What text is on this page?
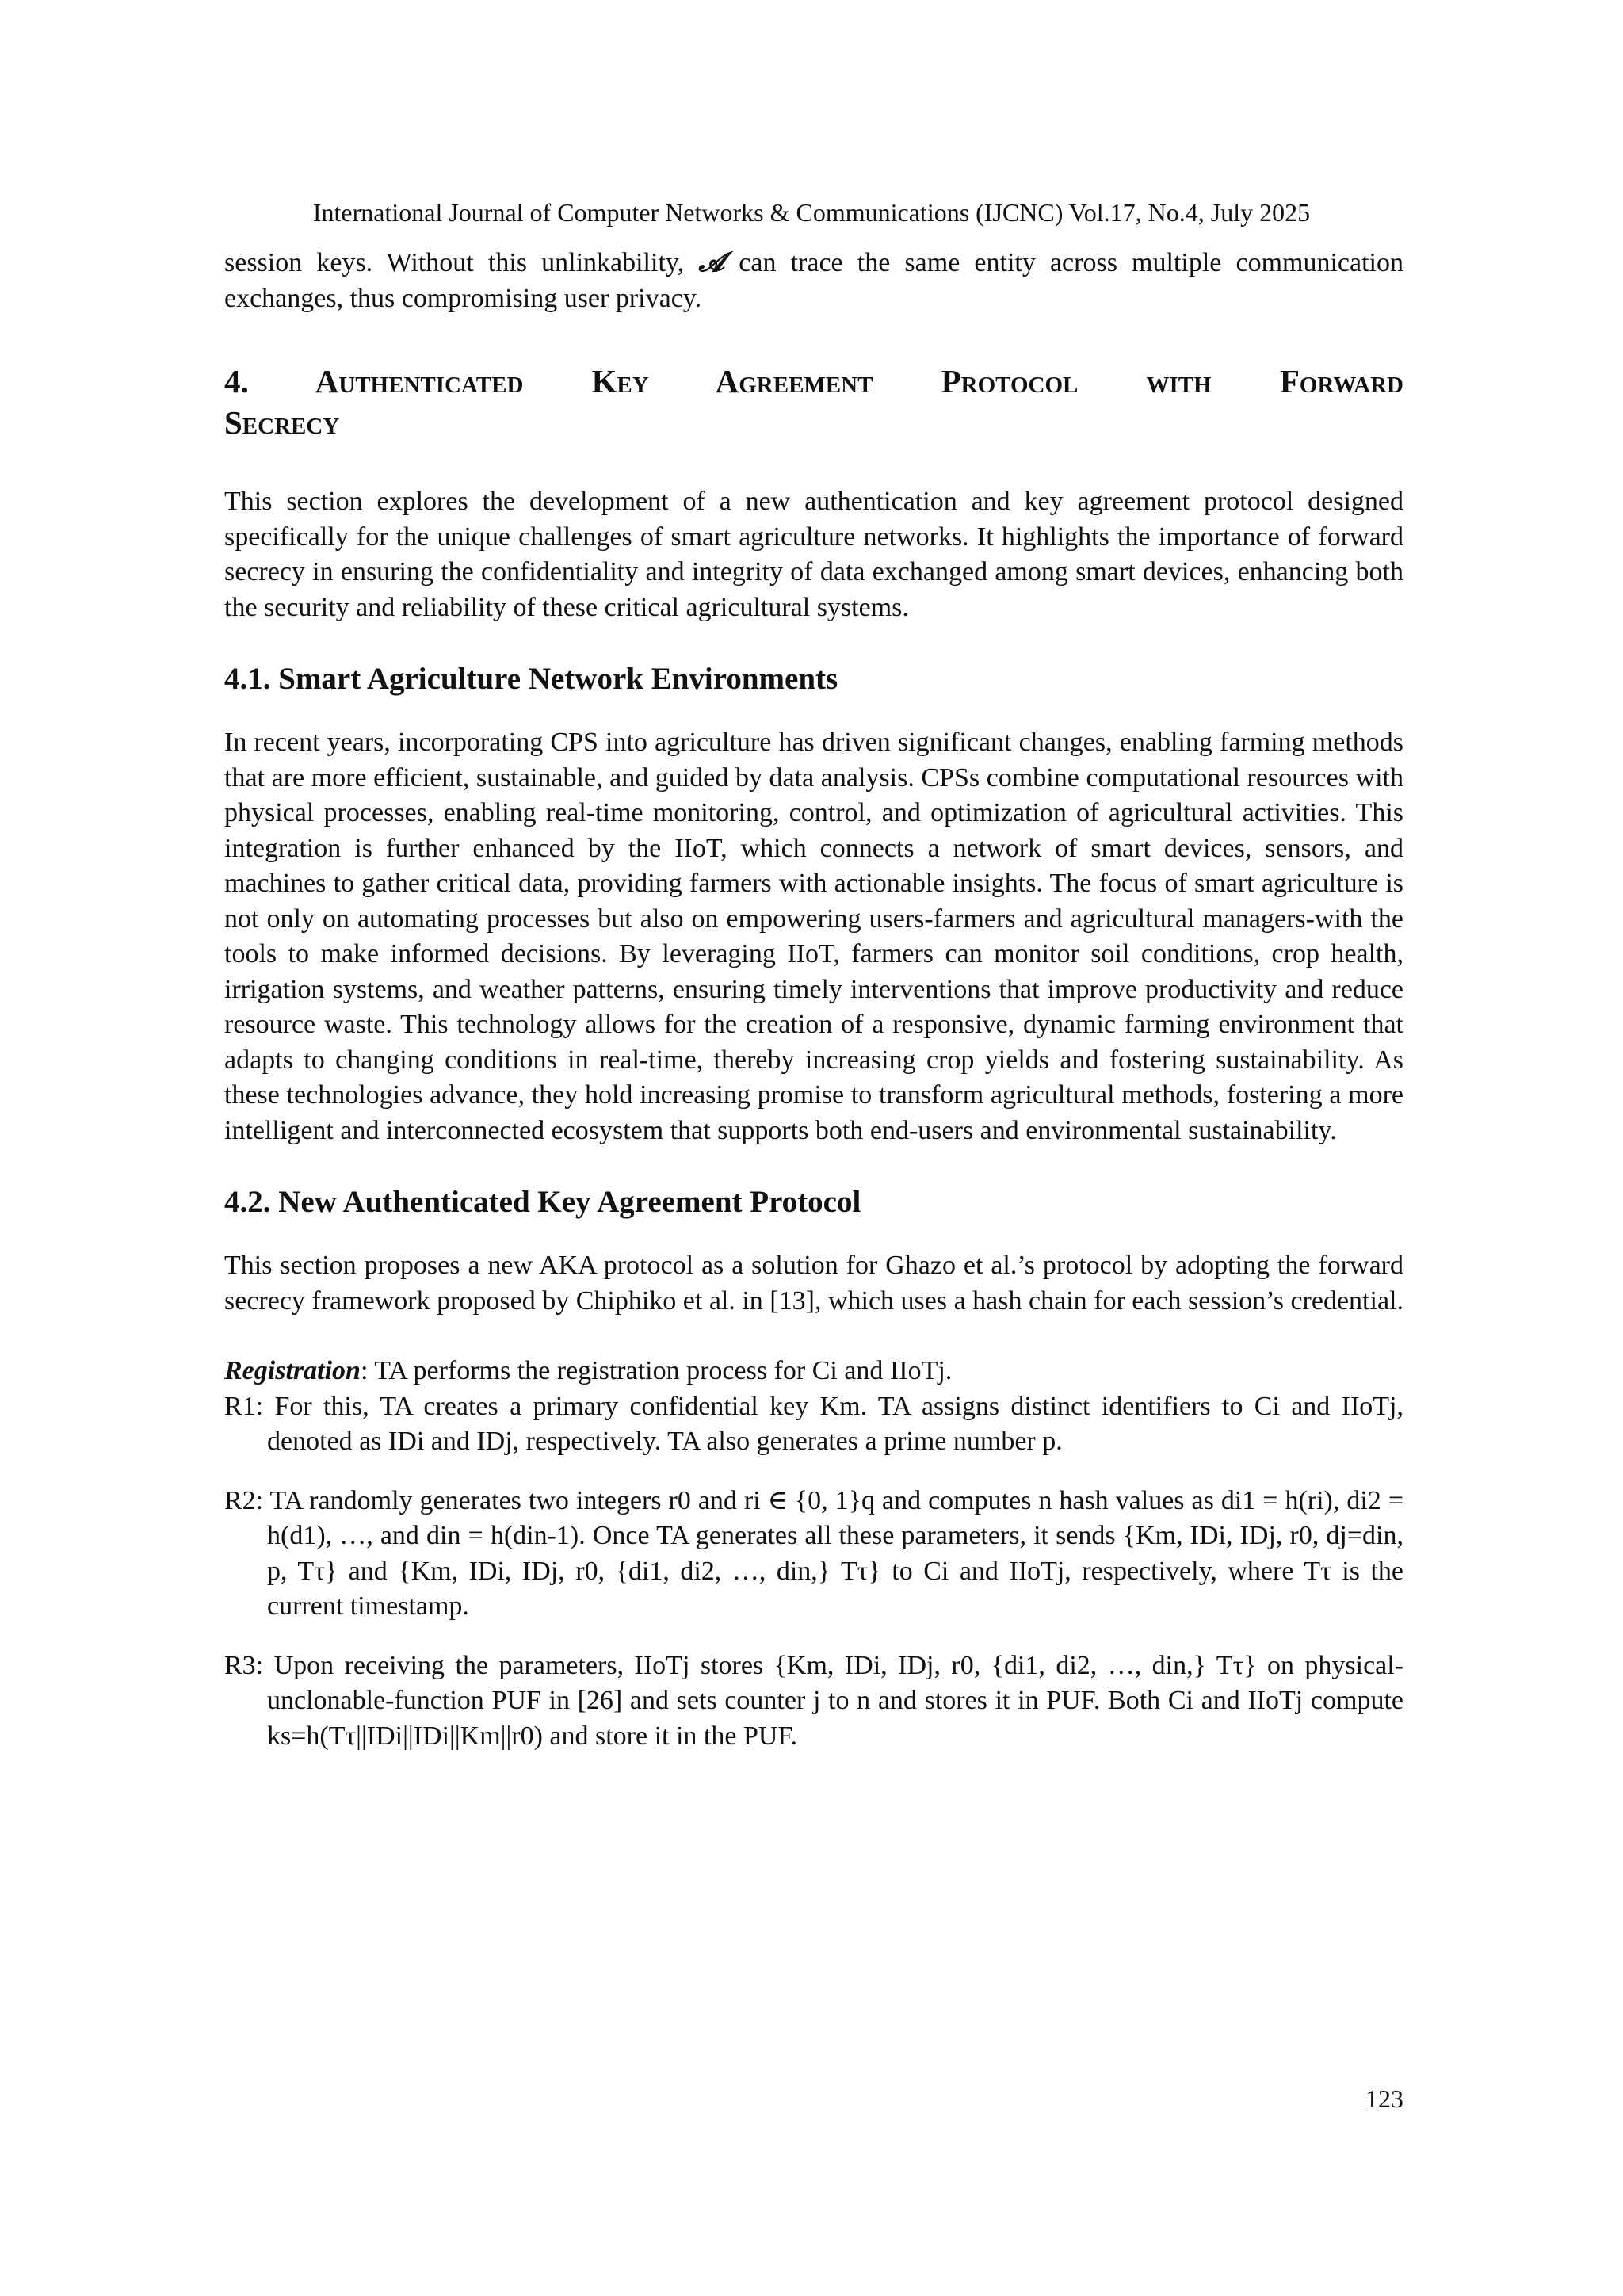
International Journal of Computer Networks & Communications (IJCNC) Vol.17, No.4, July 2025

session keys. Without this unlinkability, 𝓐 can trace the same entity across multiple communication exchanges, thus compromising user privacy.

4. Authenticated Key Agreement Protocol with Forward
Secrecy

This section explores the development of a new authentication and key agreement protocol designed specifically for the unique challenges of smart agriculture networks. It highlights the importance of forward secrecy in ensuring the confidentiality and integrity of data exchanged among smart devices, enhancing both the security and reliability of these critical agricultural systems.

4.1. Smart Agriculture Network Environments

In recent years, incorporating CPS into agriculture has driven significant changes, enabling farming methods that are more efficient, sustainable, and guided by data analysis. CPSs combine computational resources with physical processes, enabling real-time monitoring, control, and optimization of agricultural activities. This integration is further enhanced by the IIoT, which connects a network of smart devices, sensors, and machines to gather critical data, providing farmers with actionable insights. The focus of smart agriculture is not only on automating processes but also on empowering users-farmers and agricultural managers-with the tools to make informed decisions. By leveraging IIoT, farmers can monitor soil conditions, crop health, irrigation systems, and weather patterns, ensuring timely interventions that improve productivity and reduce resource waste. This technology allows for the creation of a responsive, dynamic farming environment that adapts to changing conditions in real-time, thereby increasing crop yields and fostering sustainability. As these technologies advance, they hold increasing promise to transform agricultural methods, fostering a more intelligent and interconnected ecosystem that supports both end-users and environmental sustainability.

4.2. New Authenticated Key Agreement Protocol

This section proposes a new AKA protocol as a solution for Ghazo et al.’s protocol by adopting the forward secrecy framework proposed by Chiphiko et al. in [13], which uses a hash chain for each session’s credential.

Registration: TA performs the registration process for Ci and IIoTj.

R1: For this, TA creates a primary confidential key Km. TA assigns distinct identifiers to Ci and IIoTj, denoted as IDi and IDj, respectively. TA also generates a prime number p.

R2: TA randomly generates two integers r0 and ri ∈ {0, 1}q and computes n hash values as di1 = h(ri), di2 = h(d1), …, and din = h(din-1). Once TA generates all these parameters, it sends {Km, IDi, IDj, r0, dj=din, p, Tτ} and {Km, IDi, IDj, r0, {di1, di2, …, din,} Tτ} to Ci and IIoTj, respectively, where Tτ is the current timestamp.

R3: Upon receiving the parameters, IIoTj stores {Km, IDi, IDj, r0, {di1, di2, …, din,} Tτ} on physical-unclonable-function PUF in [26] and sets counter j to n and stores it in PUF. Both Ci and IIoTj compute ks=h(Tτ||IDi||IDi||Km||r0) and store it in the PUF.

123
